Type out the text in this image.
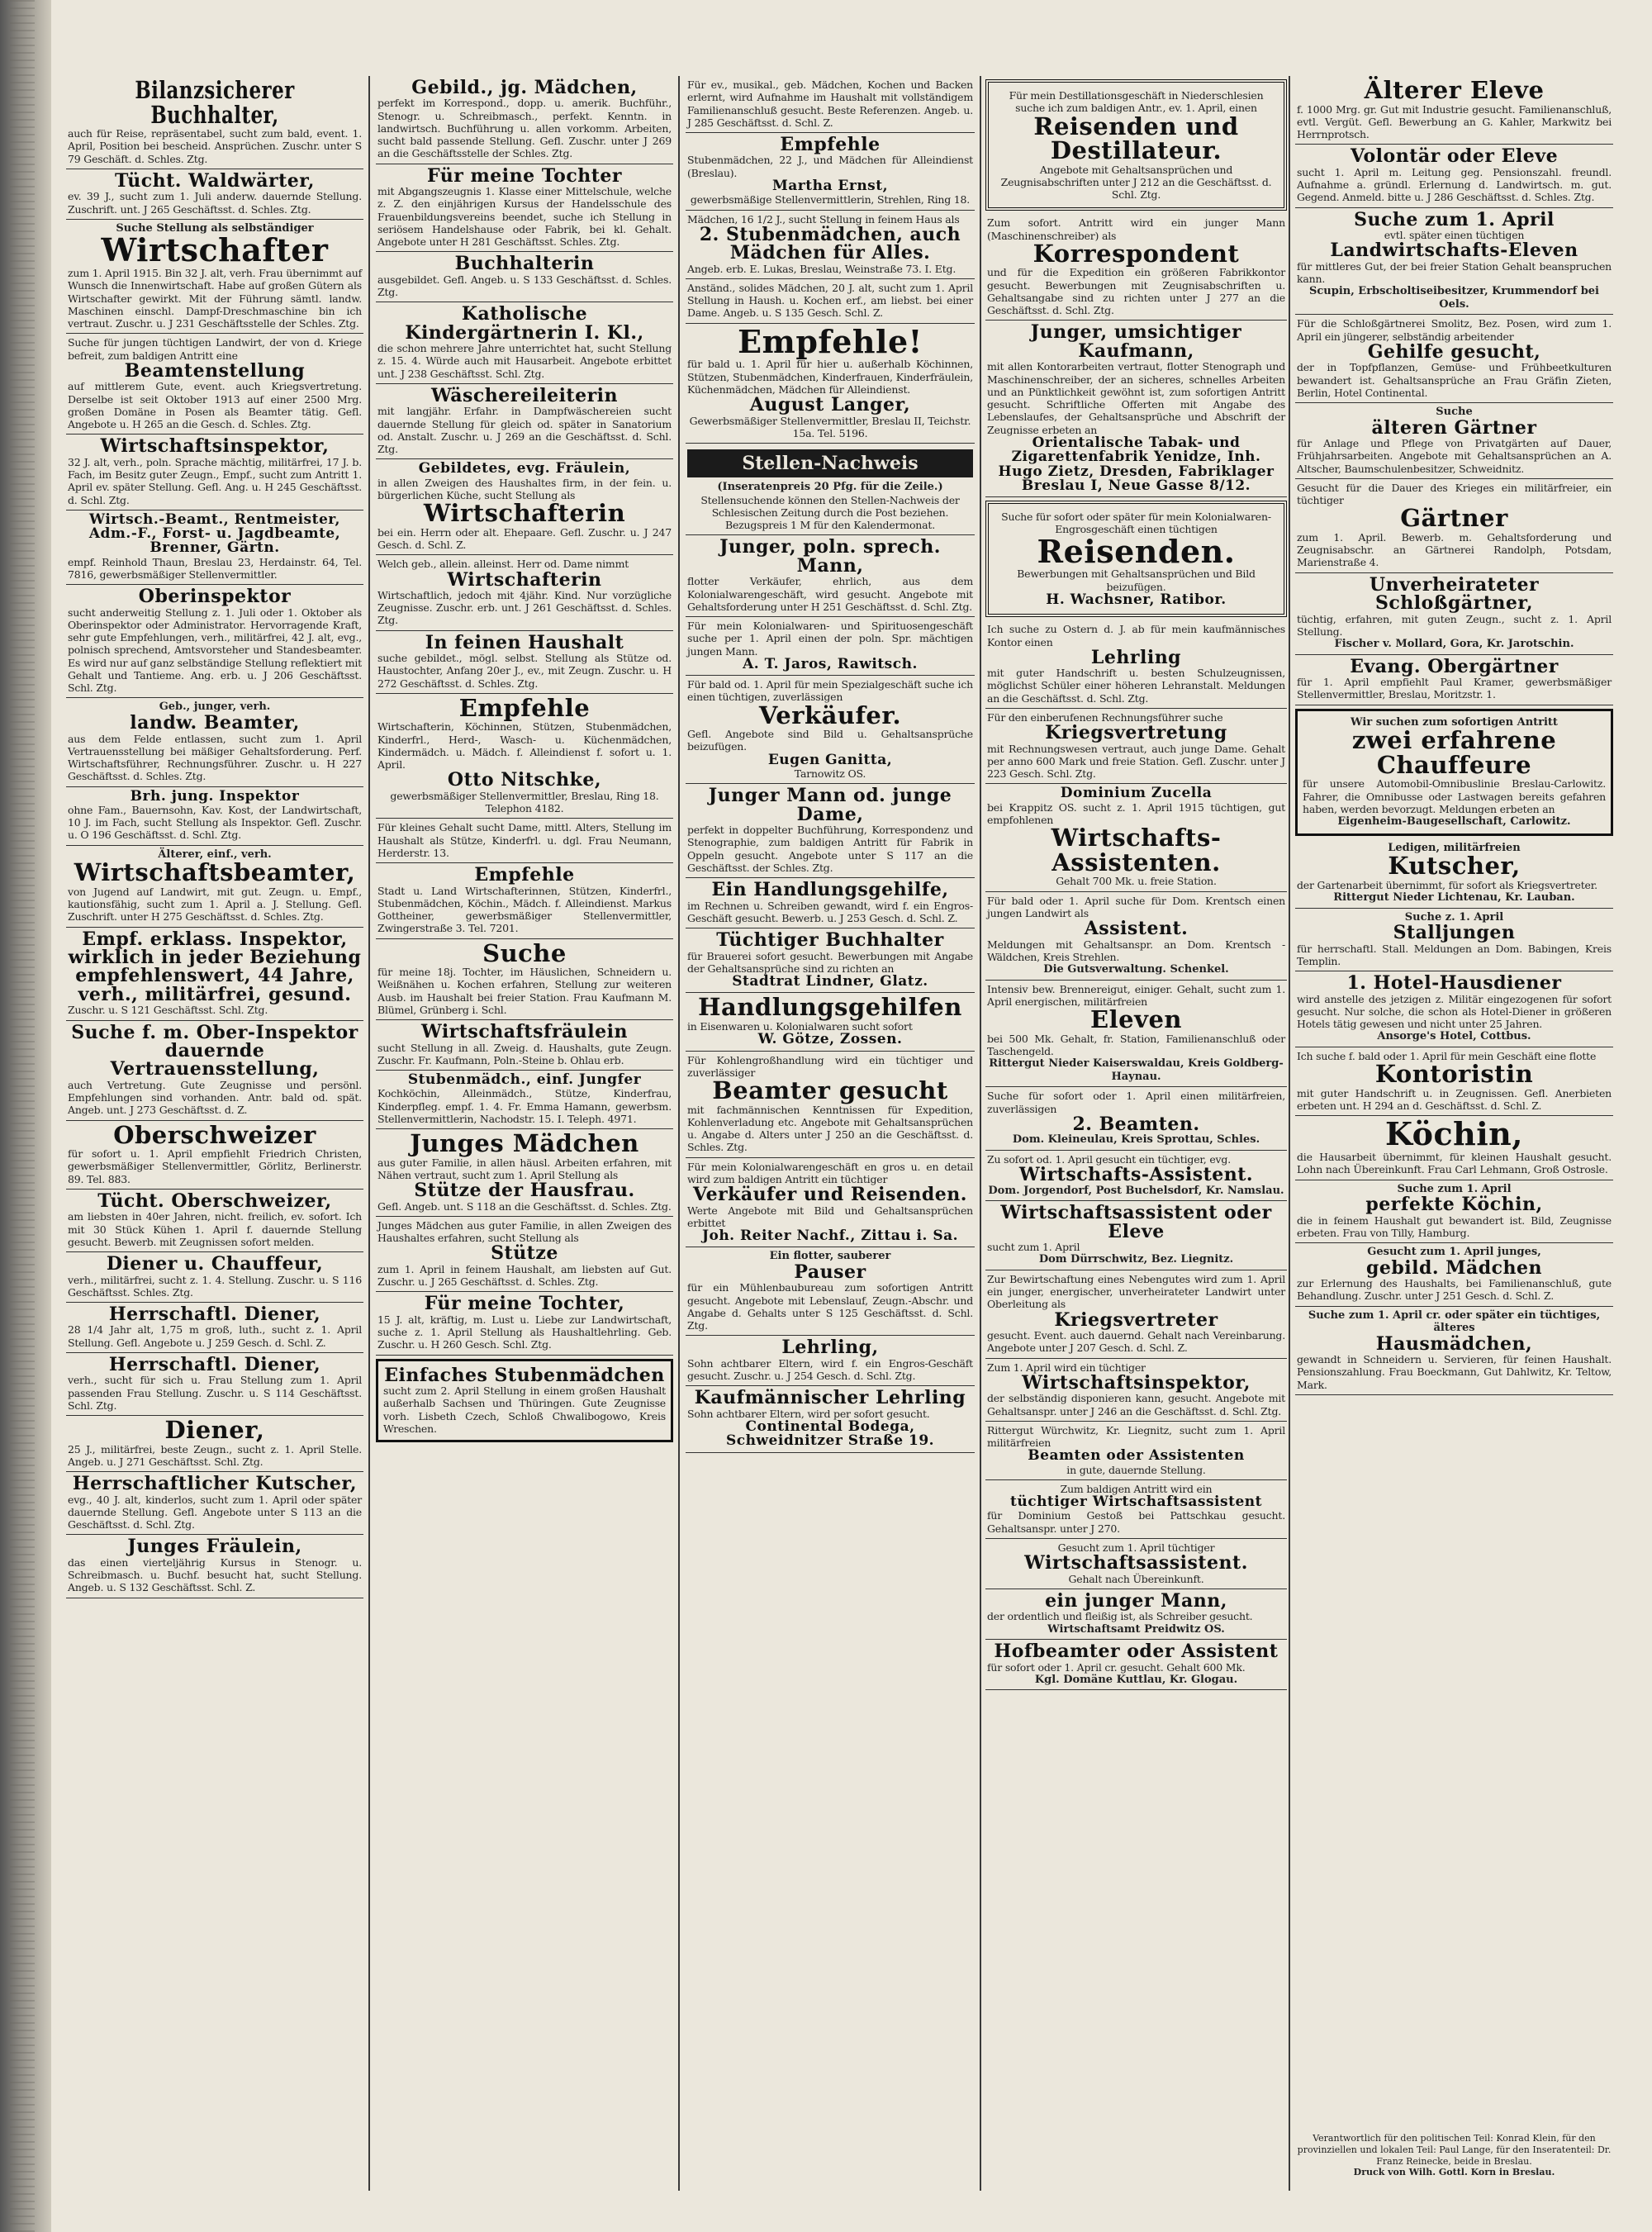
Bilanzsicherer Buchhalter,
auch für Reise, repräsentabel, sucht zum bald, event. 1. April, Position bei bescheid. Ansprüchen. Zuschr. unter S 79 Geschäft. d. Schles. Ztg.
Tücht. Waldwärter,
ev. 39 J., sucht zum 1. Juli anderw. dauernde Stellung. Zuschrift. unt. J 265 Geschäftsst. d. Schles. Ztg.
Suche Stellung als selbständiger
Wirtschafter
zum 1. April 1915. Bin 32 J. alt, verh. Frau übernimmt auf Wunsch die Innenwirtschaft. Habe auf großen Gütern als Wirtschafter gewirkt. Mit der Führung sämtl. landw. Maschinen einschl. Dampf-Dreschmaschine bin ich vertraut. Zuschr. u. J 231 Geschäftsstelle der Schles. Ztg.
Suche für jungen tüchtigen Landwirt, der von d. Kriege befreit, zum baldigen Antritt eine
Beamtenstellung
auf mittlerem Gute, event. auch Kriegsvertretung. Derselbe ist seit Oktober 1913 auf einer 2500 Mrg. großen Domäne in Posen als Beamter tätig. Gefl. Angebote u. H 265 an die Gesch. d. Schles. Ztg.
Wirtschaftsinspektor,
32 J. alt, verh., poln. Sprache mächtig, militärfrei, 17 J. b. Fach, im Besitz guter Zeugn., Empf., sucht zum Antritt 1. April ev. später Stellung. Gefl. Ang. u. H 245 Geschäftsst. d. Schl. Ztg.
Wirtsch.-Beamt., Rentmeister, Adm.-F., Forst- u. Jagdbeamte, Brenner, Gärtn.
empf. Reinhold Thaun, Breslau 23, Herdainstr. 64, Tel. 7816, gewerbsmäßiger Stellenvermittler.
Oberinspektor
sucht anderweitig Stellung z. 1. Juli oder 1. Oktober als Oberinspektor oder Administrator. Hervorragende Kraft, sehr gute Empfehlungen, verh., militärfrei, 42 J. alt, evg., polnisch sprechend, Amtsvorsteher und Standesbeamter. Es wird nur auf ganz selbständige Stellung reflektiert mit Gehalt und Tantieme. Ang. erb. u. J 206 Geschäftsst. Schl. Ztg.
Geb., junger, verh.
landw. Beamter,
aus dem Felde entlassen, sucht zum 1. April Vertrauensstellung bei mäßiger Gehaltsforderung. Perf. Wirtschaftsführer, Rechnungsführer. Zuschr. u. H 227 Geschäftsst. d. Schles. Ztg.
Brh. jung. Inspektor
ohne Fam., Bauernsohn, Kav. Kost, der Landwirtschaft, 10 J. im Fach, sucht Stellung als Inspektor. Gefl. Zuschr. u. O 196 Geschäftsst. d. Schl. Ztg.
Älterer, einf., verh.
Wirtschaftsbeamter,
von Jugend auf Landwirt, mit gut. Zeugn. u. Empf., kautionsfähig, sucht zum 1. April a. J. Stellung. Gefl. Zuschrift. unter H 275 Geschäftsst. d. Schles. Ztg.
Empf. erklass. Inspektor, wirklich in jeder Beziehung empfehlenswert, 44 Jahre, verh., militärfrei, gesund.
Zuschr. u. S 121 Geschäftsst. Schl. Ztg.
Suche f. m. Ober-Inspektor dauernde Vertrauensstellung,
auch Vertretung. Gute Zeugnisse und persönl. Empfehlungen sind vorhanden. Antr. bald od. spät. Angeb. unt. J 273 Geschäftsst. d. Z.
Oberschweizer
für sofort u. 1. April empfiehlt Friedrich Christen, gewerbsmäßiger Stellenvermittler, Görlitz, Berlinerstr. 89. Tel. 883.
Tücht. Oberschweizer,
am liebsten in 40er Jahren, nicht. freilich, ev. sofort. Ich mit 30 Stück Kühen 1. April f. dauernde Stellung gesucht. Bewerb. mit Zeugnissen sofort melden.
Diener u. Chauffeur,
verh., militärfrei, sucht z. 1. 4. Stellung. Zuschr. u. S 116 Geschäftsst. Schles. Ztg.
Herrschaftl. Diener,
28 1/4 Jahr alt, 1,75 m groß, luth., sucht z. 1. April Stellung. Gefl. Angebote u. J 259 Gesch. d. Schl. Z.
Herrschaftl. Diener,
verh., sucht für sich u. Frau Stellung zum 1. April passenden Frau Stellung. Zuschr. u. S 114 Geschäftsst. Schl. Ztg.
Diener,
25 J., militärfrei, beste Zeugn., sucht z. 1. April Stelle. Angeb. u. J 271 Geschäftsst. Schl. Ztg.
Herrschaftlicher Kutscher,
evg., 40 J. alt, kinderlos, sucht zum 1. April oder später dauernde Stellung. Gefl. Angebote unter S 113 an die Geschäftsst. d. Schl. Ztg.
Junges Fräulein,
das einen vierteljährig Kursus in Stenogr. u. Schreibmasch. u. Buchf. besucht hat, sucht Stellung. Angeb. u. S 132 Geschäftsst. Schl. Z.
Gebild., jg. Mädchen,
perfekt im Korrespond., dopp. u. amerik. Buchführ., Stenogr. u. Schreibmasch., perfekt. Kenntn. in landwirtsch. Buchführung u. allen vorkomm. Arbeiten, sucht bald passende Stellung. Gefl. Zuschr. unter J 269 an die Geschäftsstelle der Schles. Ztg.
Für meine Tochter
mit Abgangszeugnis 1. Klasse einer Mittelschule, welche z. Z. den einjährigen Kursus der Handelsschule des Frauenbildungsvereins beendet, suche ich Stellung in seriösem Handelshause oder Fabrik, bei kl. Gehalt. Angebote unter H 281 Geschäftsst. Schles. Ztg.
Buchhalterin
ausgebildet. Gefl. Angeb. u. S 133 Geschäftsst. d. Schles. Ztg.
Katholische Kindergärtnerin I. Kl.,
die schon mehrere Jahre unterrichtet hat, sucht Stellung z. 15. 4. Würde auch mit Hausarbeit. Angebote erbittet unt. J 238 Geschäftsst. Schl. Ztg.
Wäschereileiterin
mit langjähr. Erfahr. in Dampfwäschereien sucht dauernde Stellung für gleich od. später in Sanatorium od. Anstalt. Zuschr. u. J 269 an die Geschäftsst. d. Schl. Ztg.
Gebildetes, evg. Fräulein,
in allen Zweigen des Haushaltes firm, in der fein. u. bürgerlichen Küche, sucht Stellung als
Wirtschafterin
bei ein. Herrn oder alt. Ehepaare. Gefl. Zuschr. u. J 247 Gesch. d. Schl. Z.
Welch geb., allein. alleinst. Herr od. Dame nimmt
Wirtschafterin
Wirtschaftlich, jedoch mit 4jähr. Kind. Nur vorzügliche Zeugnisse. Zuschr. erb. unt. J 261 Geschäftsst. d. Schles. Ztg.
In feinen Haushalt
suche gebildet., mögl. selbst. Stellung als Stütze od. Haustochter, Anfang 20er J., ev., mit Zeugn. Zuschr. u. H 272 Geschäftsst. d. Schles. Ztg.
Empfehle
Wirtschafterin, Köchinnen, Stützen, Stubenmädchen, Kinderfrl., Herd-, Wasch- u. Küchenmädchen, Kindermädch. u. Mädch. f. Alleindienst f. sofort u. 1. April.
Otto Nitschke,
gewerbsmäßiger Stellenvermittler, Breslau, Ring 18. Telephon 4182.
Für kleines Gehalt sucht Dame, mittl. Alters, Stellung im Haushalt als Stütze, Kinderfrl. u. dgl. Frau Neumann, Herderstr. 13.
Empfehle
Stadt u. Land Wirtschafterinnen, Stützen, Kinderfrl., Stubenmädchen, Köchin., Mädch. f. Alleindienst. Markus Gottheiner, gewerbsmäßiger Stellenvermittler, Zwingerstraße 3. Tel. 7201.
Suche
für meine 18j. Tochter, im Häuslichen, Schneidern u. Weißnähen u. Kochen erfahren, Stellung zur weiteren Ausb. im Haushalt bei freier Station. Frau Kaufmann M. Blümel, Grünberg i. Schl.
Wirtschaftsfräulein
sucht Stellung in all. Zweig. d. Haushalts, gute Zeugn. Zuschr. Fr. Kaufmann, Poln.-Steine b. Ohlau erb.
Stubenmädch., einf. Jungfer
Kochköchin, Alleinmädch., Stütze, Kinderfrau, Kinderpfleg. empf. 1. 4. Fr. Emma Hamann, gewerbsm. Stellenvermittlerin, Nachodstr. 15. I. Teleph. 4971.
Junges Mädchen
aus guter Familie, in allen häusl. Arbeiten erfahren, mit Nähen vertraut, sucht zum 1. April Stellung als
Stütze der Hausfrau.
Gefl. Angeb. unt. S 118 an die Geschäftsst. d. Schles. Ztg.
Junges Mädchen aus guter Familie, in allen Zweigen des Haushaltes erfahren, sucht Stellung als
Stütze
zum 1. April in feinem Haushalt, am liebsten auf Gut. Zuschr. u. J 265 Geschäftsst. d. Schles. Ztg.
Für meine Tochter,
15 J. alt, kräftig, m. Lust u. Liebe zur Landwirtschaft, suche z. 1. April Stellung als Haushaltlehrling. Geb. Zuschr. u. H 260 Gesch. Schl. Ztg.
Einfaches Stubenmädchen
sucht zum 2. April Stellung in einem großen Haushalt außerhalb Sachsen und Thüringen. Gute Zeugnisse vorh. Lisbeth Czech, Schloß Chwalibogowo, Kreis Wreschen.
Für ev., musikal., geb. Mädchen, Kochen und Backen erlernt, wird Aufnahme im Haushalt mit vollständigem Familienanschluß gesucht. Beste Referenzen. Angeb. u. J 285 Geschäftsst. d. Schl. Z.
Empfehle
Stubenmädchen, 22 J., und Mädchen für Alleindienst (Breslau).
Martha Ernst,
gewerbsmäßige Stellenvermittlerin, Strehlen, Ring 18.
Mädchen, 16 1/2 J., sucht Stellung in feinem Haus als
2. Stubenmädchen, auch Mädchen für Alles.
Angeb. erb. E. Lukas, Breslau, Weinstraße 73. I. Etg.
Anständ., solides Mädchen, 20 J. alt, sucht zum 1. April Stellung in Haush. u. Kochen erf., am liebst. bei einer Dame. Angeb. u. S 135 Gesch. Schl. Z.
Empfehle!
für bald u. 1. April für hier u. außerhalb Köchinnen, Stützen, Stubenmädchen, Kinderfrauen, Kinderfräulein, Küchenmädchen, Mädchen für Alleindienst.
August Langer,
Gewerbsmäßiger Stellenvermittler, Breslau II, Teichstr. 15a. Tel. 5196.
Stellen-Nachweis
(Inseratenpreis 20 Pfg. für die Zeile.)
Stellensuchende können den Stellen-Nachweis der Schlesischen Zeitung durch die Post beziehen. Bezugspreis 1 M für den Kalendermonat.
Junger, poln. sprech. Mann,
flotter Verkäufer, ehrlich, aus dem Kolonialwarengeschäft, wird gesucht. Angebote mit Gehaltsforderung unter H 251 Geschäftsst. d. Schl. Ztg.
Für mein Kolonialwaren- und Spirituosengeschäft suche per 1. April einen der poln. Spr. mächtigen jungen Mann.
A. T. Jaros, Rawitsch.
Für bald od. 1. April für mein Spezialgeschäft suche ich einen tüchtigen, zuverlässigen
Verkäufer.
Gefl. Angebote sind Bild u. Gehaltsansprüche beizufügen.
Eugen Ganitta,
Tarnowitz OS.
Junger Mann od. junge Dame,
perfekt in doppelter Buchführung, Korrespondenz und Stenographie, zum baldigen Antritt für Fabrik in Oppeln gesucht. Angebote unter S 117 an die Geschäftsst. der Schles. Ztg.
Ein Handlungsgehilfe,
im Rechnen u. Schreiben gewandt, wird f. ein Engros-Geschäft gesucht. Bewerb. u. J 253 Gesch. d. Schl. Z.
Tüchtiger Buchhalter
für Brauerei sofort gesucht. Bewerbungen mit Angabe der Gehaltsansprüche sind zu richten an
Stadtrat Lindner, Glatz.
Handlungsgehilfen
in Eisenwaren u. Kolonialwaren sucht sofort
W. Götze, Zossen.
Für Kohlengroßhandlung wird ein tüchtiger und zuverlässiger
Beamter gesucht
mit fachmännischen Kenntnissen für Expedition, Kohlenverladung etc. Angebote mit Gehaltsansprüchen u. Angabe d. Alters unter J 250 an die Geschäftsst. d. Schles. Ztg.
Für mein Kolonialwarengeschäft en gros u. en detail wird zum baldigen Antritt ein tüchtiger
Verkäufer und Reisenden.
Werte Angebote mit Bild und Gehaltsansprüchen erbittet
Joh. Reiter Nachf., Zittau i. Sa.
Ein flotter, sauberer
Pauser
für ein Mühlenbaubureau zum sofortigen Antritt gesucht. Angebote mit Lebenslauf, Zeugn.-Abschr. und Angabe d. Gehalts unter S 125 Geschäftsst. d. Schl. Ztg.
Lehrling,
Sohn achtbarer Eltern, wird f. ein Engros-Geschäft gesucht. Zuschr. u. J 254 Gesch. d. Schl. Ztg.
Kaufmännischer Lehrling
Sohn achtbarer Eltern, wird per sofort gesucht.
Continental Bodega, Schweidnitzer Straße 19.
Für mein Destillationsgeschäft in Niederschlesien suche ich zum baldigen Antr., ev. 1. April, einen
Reisenden und Destillateur.
Angebote mit Gehaltsansprüchen und Zeugnisabschriften unter J 212 an die Geschäftsst. d. Schl. Ztg.
Zum sofort. Antritt wird ein junger Mann (Maschinenschreiber) als
Korrespondent
und für die Expedition ein größeren Fabrikkontor gesucht. Bewerbungen mit Zeugnisabschriften u. Gehaltsangabe sind zu richten unter J 277 an die Geschäftsst. d. Schl. Ztg.
Junger, umsichtiger Kaufmann,
mit allen Kontorarbeiten vertraut, flotter Stenograph und Maschinenschreiber, der an sicheres, schnelles Arbeiten und an Pünktlichkeit gewöhnt ist, zum sofortigen Antritt gesucht. Schriftliche Offerten mit Angabe des Lebenslaufes, der Gehaltsansprüche und Abschrift der Zeugnisse erbeten an
Orientalische Tabak- und Zigarettenfabrik Yenidze, Inh. Hugo Zietz, Dresden, Fabriklager Breslau I, Neue Gasse 8/12.
Suche für sofort oder später für mein Kolonialwaren-Engrosgeschäft einen tüchtigen
Reisenden.
Bewerbungen mit Gehaltsansprüchen und Bild beizufügen.
H. Wachsner, Ratibor.
Ich suche zu Ostern d. J. ab für mein kaufmännisches Kontor einen
Lehrling
mit guter Handschrift u. besten Schulzeugnissen, möglichst Schüler einer höheren Lehranstalt. Meldungen an die Geschäftsst. d. Schl. Ztg.
Für den einberufenen Rechnungsführer suche
Kriegsvertretung
mit Rechnungswesen vertraut, auch junge Dame. Gehalt per anno 600 Mark und freie Station. Gefl. Zuschr. unter J 223 Gesch. Schl. Ztg.
Dominium Zucella
bei Krappitz OS. sucht z. 1. April 1915 tüchtigen, gut empfohlenen
Wirtschafts-Assistenten.
Gehalt 700 Mk. u. freie Station.
Für bald oder 1. April suche für Dom. Krentsch einen jungen Landwirt als
Assistent.
Meldungen mit Gehaltsanspr. an Dom. Krentsch - Wäldchen, Kreis Strehlen.
Die Gutsverwaltung. Schenkel.
Intensiv bew. Brennereigut, einiger. Gehalt, sucht zum 1. April energischen, militärfreien
Eleven
bei 500 Mk. Gehalt, fr. Station, Familienanschluß oder Taschengeld.
Rittergut Nieder Kaiserswaldau, Kreis Goldberg-Haynau.
Suche für sofort oder 1. April einen militärfreien, zuverlässigen
2. Beamten.
Dom. Kleineulau, Kreis Sprottau, Schles.
Zu sofort od. 1. April gesucht ein tüchtiger, evg.
Wirtschafts-Assistent.
Dom. Jorgendorf, Post Buchelsdorf, Kr. Namslau.
Wirtschaftsassistent oder Eleve
sucht zum 1. April
Dom Dürrschwitz, Bez. Liegnitz.
Zur Bewirtschaftung eines Nebengutes wird zum 1. April ein junger, energischer, unverheirateter Landwirt unter Oberleitung als
Kriegsvertreter
gesucht. Event. auch dauernd. Gehalt nach Vereinbarung. Angebote unter J 207 Gesch. d. Schl. Z.
Zum 1. April wird ein tüchtiger
Wirtschaftsinspektor,
der selbständig disponieren kann, gesucht. Angebote mit Gehaltsanspr. unter J 246 an die Geschäftsst. d. Schl. Ztg.
Rittergut Würchwitz, Kr. Liegnitz, sucht zum 1. April militärfreien
Beamten oder Assistenten
in gute, dauernde Stellung.
Zum baldigen Antritt wird ein
tüchtiger Wirtschaftsassistent
für Dominium Gestoß bei Pattschkau gesucht. Gehaltsanspr. unter J 270.
Gesucht zum 1. April tüchtiger
Wirtschaftsassistent.
Gehalt nach Übereinkunft.
ein junger Mann,
der ordentlich und fleißig ist, als Schreiber gesucht.
Wirtschaftsamt Preidwitz OS.
Hofbeamter oder Assistent
für sofort oder 1. April cr. gesucht. Gehalt 600 Mk.
Kgl. Domäne Kuttlau, Kr. Glogau.
Älterer Eleve
f. 1000 Mrg. gr. Gut mit Industrie gesucht. Familienanschluß, evtl. Vergüt. Gefl. Bewerbung an G. Kahler, Markwitz bei Herrnprotsch.
Volontär oder Eleve
sucht 1. April m. Leitung geg. Pensionszahl. freundl. Aufnahme a. gründl. Erlernung d. Landwirtsch. m. gut. Gegend. Anmeld. bitte u. J 286 Geschäftsst. d. Schles. Ztg.
Suche zum 1. April
evtl. später einen tüchtigen
Landwirtschafts-Eleven
für mittleres Gut, der bei freier Station Gehalt beanspruchen kann.
Scupin, Erbscholtiseibesitzer, Krummendorf bei Oels.
Für die Schloßgärtnerei Smolitz, Bez. Posen, wird zum 1. April ein jüngerer, selbständig arbeitender
Gehilfe gesucht,
der in Topfpflanzen, Gemüse- und Frühbeetkulturen bewandert ist. Gehaltsansprüche an Frau Gräfin Zieten, Berlin, Hotel Continental.
Suche
älteren Gärtner
für Anlage und Pflege von Privatgärten auf Dauer, Frühjahrsarbeiten. Angebote mit Gehaltsansprüchen an A. Altscher, Baumschulenbesitzer, Schweidnitz.
Gesucht für die Dauer des Krieges ein militärfreier, ein tüchtiger
Gärtner
zum 1. April. Bewerb. m. Gehaltsforderung und Zeugnisabschr. an Gärtnerei Randolph, Potsdam, Marienstraße 4.
Unverheirateter Schloßgärtner,
tüchtig, erfahren, mit guten Zeugn., sucht z. 1. April Stellung.
Fischer v. Mollard, Gora, Kr. Jarotschin.
Evang. Obergärtner
für 1. April empfiehlt Paul Kramer, gewerbsmäßiger Stellenvermittler, Breslau, Moritzstr. 1.
Wir suchen zum sofortigen Antritt
zwei erfahrene Chauffeure
für unsere Automobil-Omnibuslinie Breslau-Carlowitz. Fahrer, die Omnibusse oder Lastwagen bereits gefahren haben, werden bevorzugt. Meldungen erbeten an
Eigenheim-Baugesellschaft, Carlowitz.
Ledigen, militärfreien
Kutscher,
der Gartenarbeit übernimmt, für sofort als Kriegsvertreter.
Rittergut Nieder Lichtenau, Kr. Lauban.
Suche z. 1. April
Stalljungen
für herrschaftl. Stall. Meldungen an Dom. Babingen, Kreis Templin.
1. Hotel-Hausdiener
wird anstelle des jetzigen z. Militär eingezogenen für sofort gesucht. Nur solche, die schon als Hotel-Diener in größeren Hotels tätig gewesen und nicht unter 25 Jahren.
Ansorge's Hotel, Cottbus.
Ich suche f. bald oder 1. April für mein Geschäft eine flotte
Kontoristin
mit guter Handschrift u. in Zeugnissen. Gefl. Anerbieten erbeten unt. H 294 an d. Geschäftsst. d. Schl. Z.
Köchin,
die Hausarbeit übernimmt, für kleinen Haushalt gesucht. Lohn nach Übereinkunft. Frau Carl Lehmann, Groß Ostrosle.
Suche zum 1. April
perfekte Köchin,
die in feinem Haushalt gut bewandert ist. Bild, Zeugnisse erbeten. Frau von Tilly, Hamburg.
Gesucht zum 1. April junges,
gebild. Mädchen
zur Erlernung des Haushalts, bei Familienanschluß, gute Behandlung. Zuschr. unter J 251 Gesch. d. Schl. Z.
Suche zum 1. April cr. oder später ein tüchtiges, älteres
Hausmädchen,
gewandt in Schneidern u. Servieren, für feinen Haushalt. Pensionszahlung. Frau Boeckmann, Gut Dahlwitz, Kr. Teltow, Mark.
Verantwortlich für den politischen Teil: Konrad Klein, für den provinziellen und lokalen Teil: Paul Lange, für den Inseratenteil: Dr. Franz Reinecke, beide in Breslau.
Druck von Wilh. Gottl. Korn in Breslau.
